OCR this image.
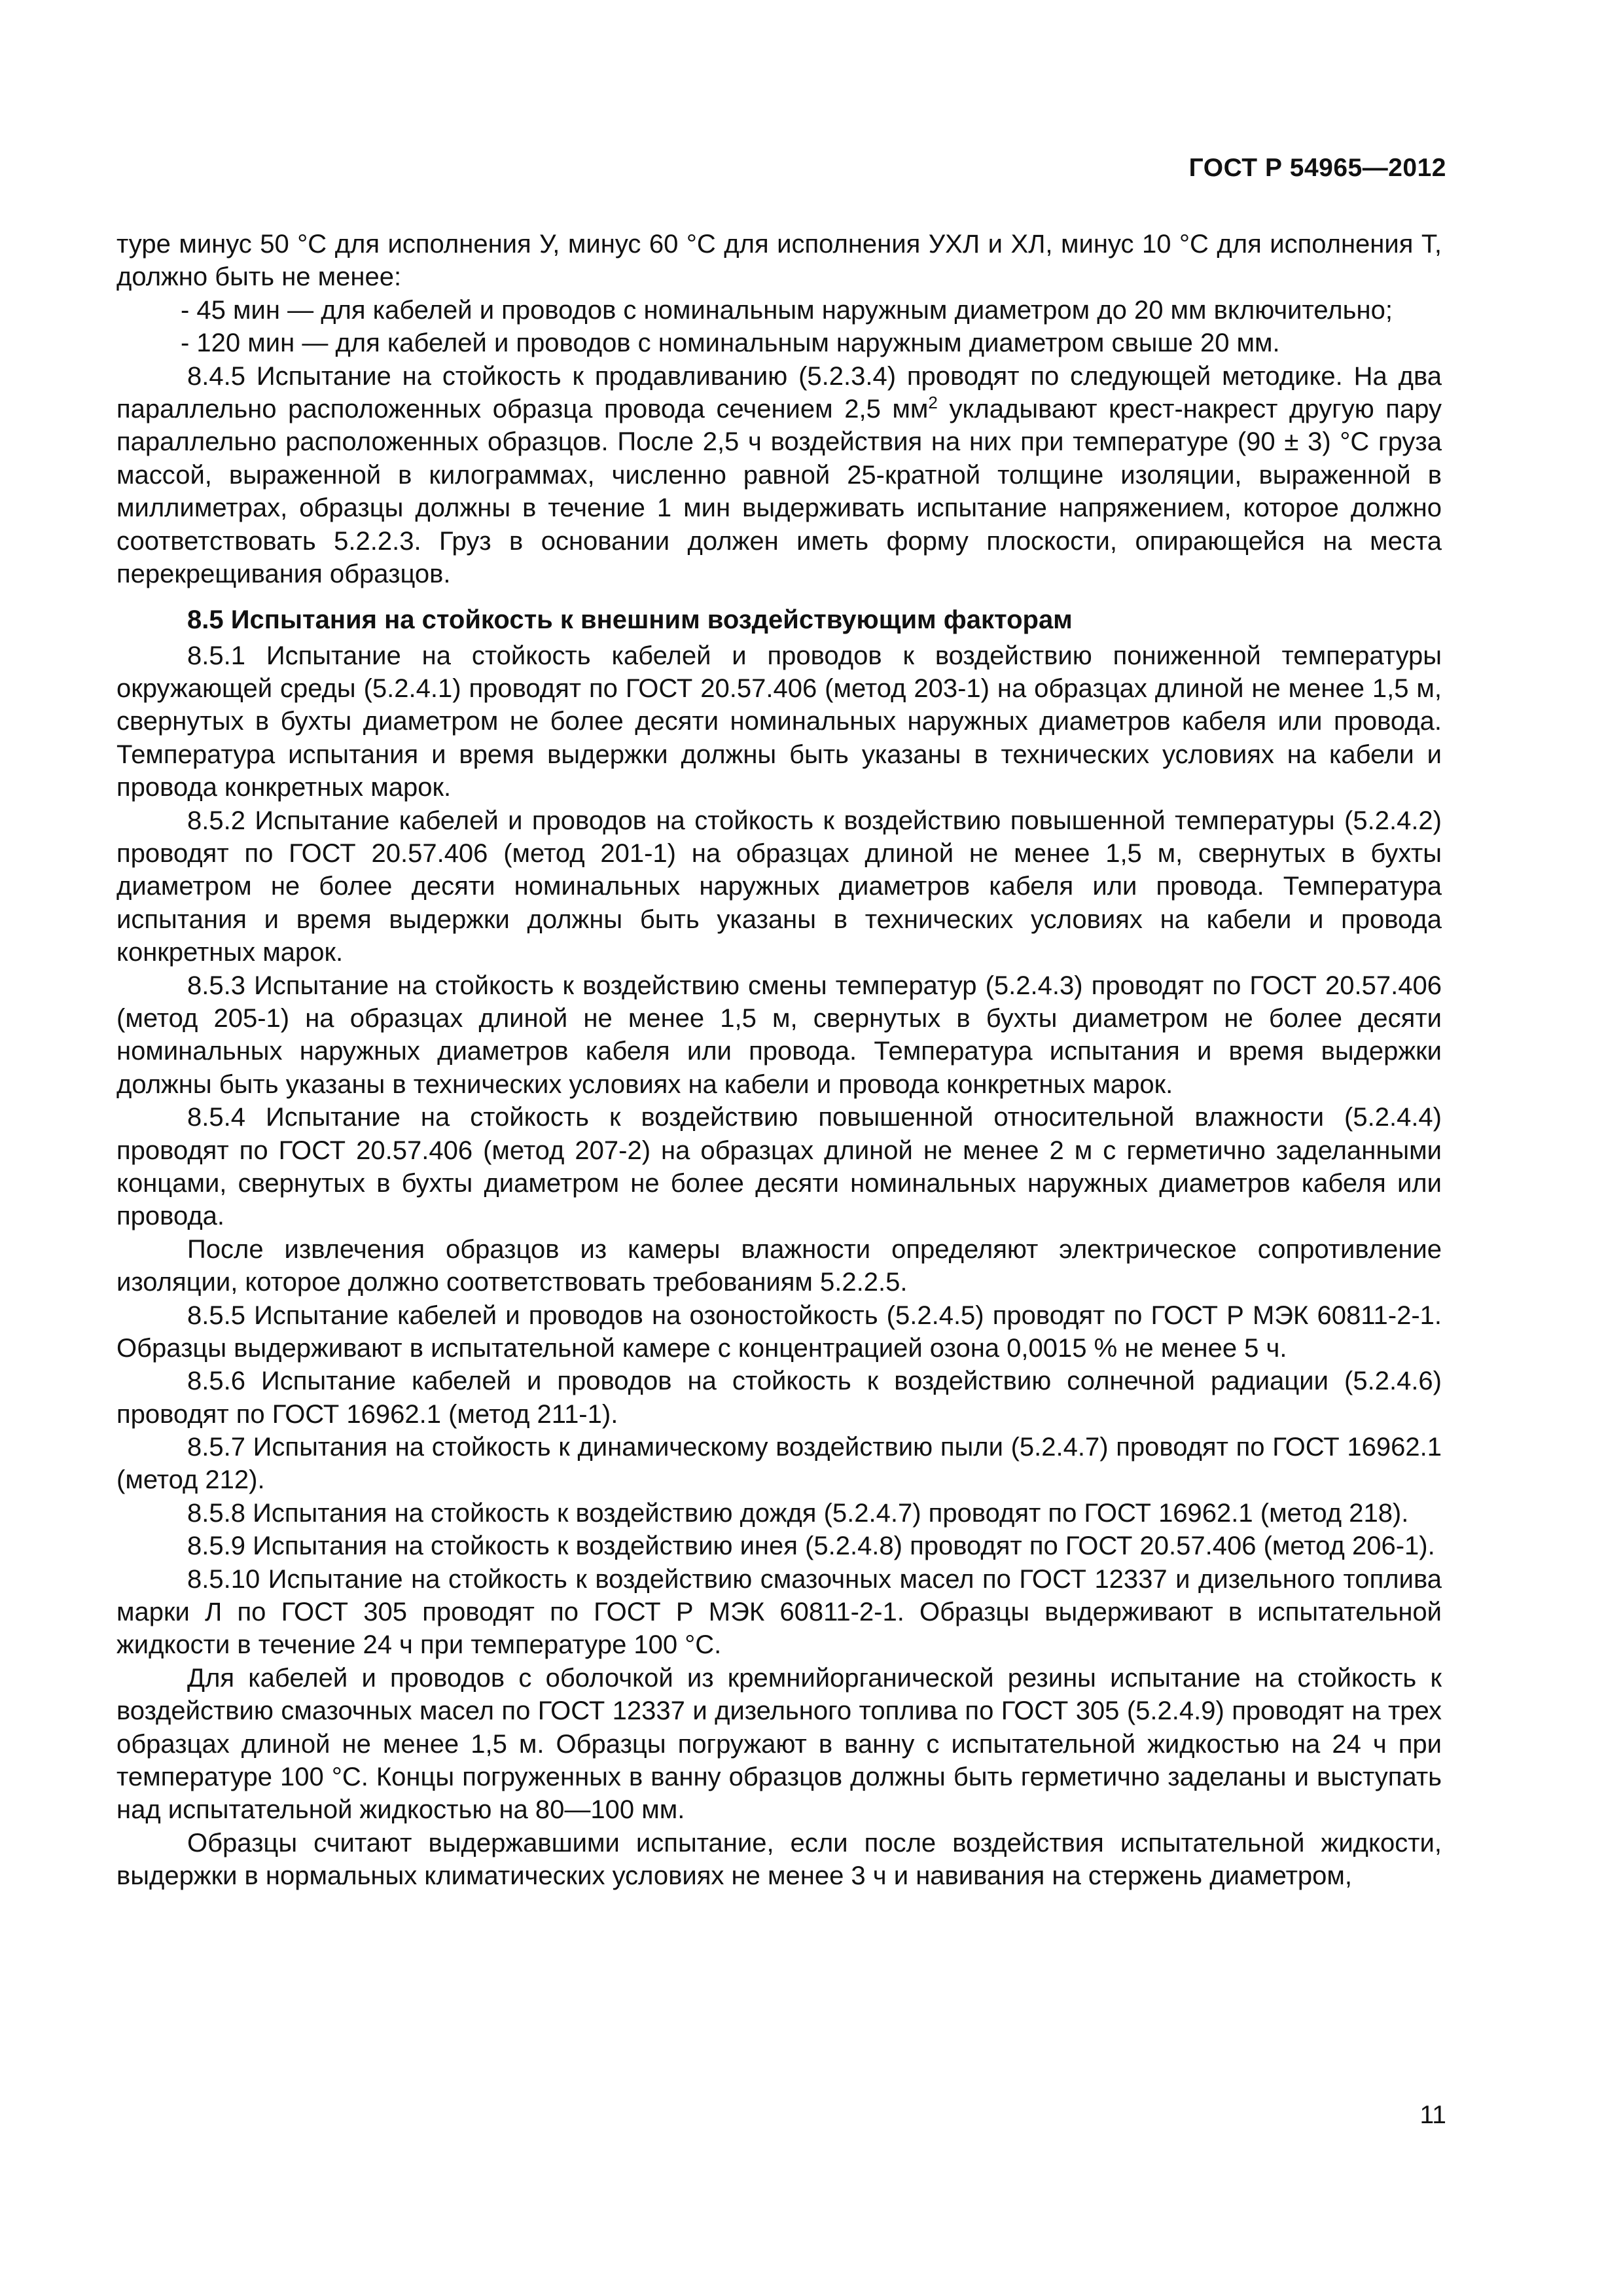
ГОСТ Р 54965—2012

туре минус 50 °С для исполнения У, минус 60 °С для исполнения УХЛ и ХЛ, минус 10 °С для исполнения Т, должно быть не менее:

- 45 мин — для кабелей и проводов с номинальным наружным диаметром до 20 мм включительно;

- 120 мин — для кабелей и проводов с номинальным наружным диаметром свыше 20 мм.

8.4.5 Испытание на стойкость к продавливанию (5.2.3.4) проводят по следующей методике. На два параллельно расположенных образца провода сечением 2,5 $мм^2$ укладывают крест-накрест другую пару параллельно расположенных образцов. После 2,5 ч воздействия на них при температуре (90 ± 3) °С груза массой, выраженной в килограммах, численно равной 25-кратной толщине изоляции, выраженной в миллиметрах, образцы должны в течение 1 мин выдерживать испытание напряжением, которое должно соответствовать 5.2.2.3. Груз в основании должен иметь форму плоскости, опирающейся на места перекрещивания образцов.

8.5 Испытания на стойкость к внешним воздействующим факторам

8.5.1 Испытание на стойкость кабелей и проводов к воздействию пониженной температуры окружающей среды (5.2.4.1) проводят по ГОСТ 20.57.406 (метод 203-1) на образцах длиной не менее 1,5 м, свернутых в бухты диаметром не более десяти номинальных наружных диаметров кабеля или провода. Температура испытания и время выдержки должны быть указаны в технических условиях на кабели и провода конкретных марок.

8.5.2 Испытание кабелей и проводов на стойкость к воздействию повышенной температуры (5.2.4.2) проводят по ГОСТ 20.57.406 (метод 201-1) на образцах длиной не менее 1,5 м, свернутых в бухты диаметром не более десяти номинальных наружных диаметров кабеля или провода. Температура испытания и время выдержки должны быть указаны в технических условиях на кабели и провода конкретных марок.

8.5.3 Испытание на стойкость к воздействию смены температур (5.2.4.3) проводят по ГОСТ 20.57.406 (метод 205-1) на образцах длиной не менее 1,5 м, свернутых в бухты диаметром не более десяти номинальных наружных диаметров кабеля или провода. Температура испытания и время выдержки должны быть указаны в технических условиях на кабели и провода конкретных марок.

8.5.4 Испытание на стойкость к воздействию повышенной относительной влажности (5.2.4.4) проводят по ГОСТ 20.57.406 (метод 207-2) на образцах длиной не менее 2 м с герметично заделанными концами, свернутых в бухты диаметром не более десяти номинальных наружных диаметров кабеля или провода.

После извлечения образцов из камеры влажности определяют электрическое сопротивление изоляции, которое должно соответствовать требованиям 5.2.2.5.

8.5.5 Испытание кабелей и проводов на озоностойкость (5.2.4.5) проводят по ГОСТ Р МЭК 60811-2-1. Образцы выдерживают в испытательной камере с концентрацией озона 0,0015 % не менее 5 ч.

8.5.6 Испытание кабелей и проводов на стойкость к воздействию солнечной радиации (5.2.4.6) проводят по ГОСТ 16962.1 (метод 211-1).

8.5.7 Испытания на стойкость к динамическому воздействию пыли (5.2.4.7) проводят по ГОСТ 16962.1 (метод 212).

8.5.8 Испытания на стойкость к воздействию дождя (5.2.4.7) проводят по ГОСТ 16962.1 (метод 218).

8.5.9 Испытания на стойкость к воздействию инея (5.2.4.8) проводят по ГОСТ 20.57.406 (метод 206-1).

8.5.10 Испытание на стойкость к воздействию смазочных масел по ГОСТ 12337 и дизельного топлива марки Л по ГОСТ 305 проводят по ГОСТ Р МЭК 60811-2-1. Образцы выдерживают в испытательной жидкости в течение 24 ч при температуре 100 °С.

Для кабелей и проводов с оболочкой из кремнийорганической резины испытание на стойкость к воздействию смазочных масел по ГОСТ 12337 и дизельного топлива по ГОСТ 305 (5.2.4.9) проводят на трех образцах длиной не менее 1,5 м. Образцы погружают в ванну с испытательной жидкостью на 24 ч при температуре 100 °С. Концы погруженных в ванну образцов должны быть герметично заделаны и выступать над испытательной жидкостью на 80—100 мм.

Образцы считают выдержавшими испытание, если после воздействия испытательной жидкости, выдержки в нормальных климатических условиях не менее 3 ч и навивания на стержень диаметром,

11
